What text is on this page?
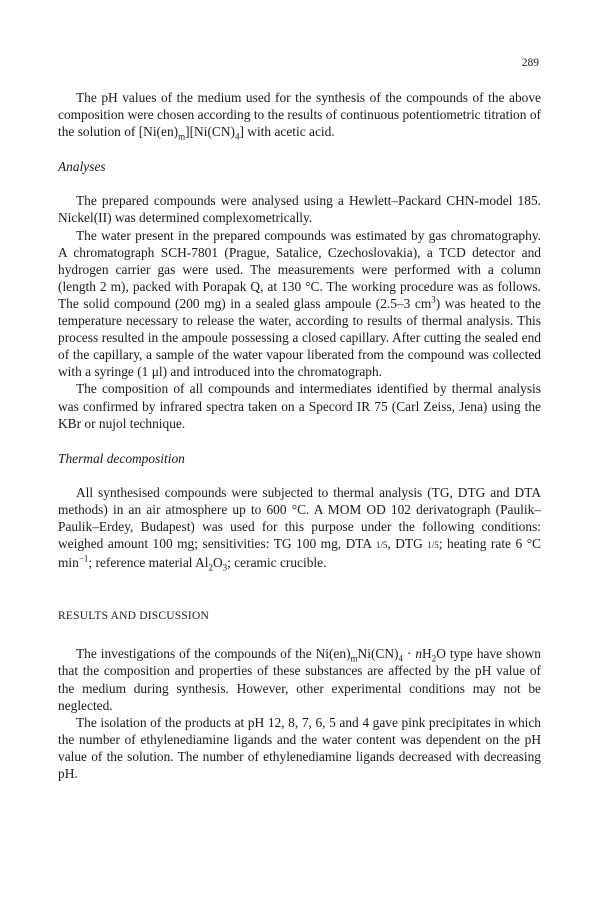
289

The pH values of the medium used for the synthesis of the compounds of the above composition were chosen according to the results of continuous potentiometric titration of the solution of $[Ni(en)_m][Ni(CN)_4]$ with acetic acid.

Analyses

The prepared compounds were analysed using a Hewlett–Packard CHN-model 185. Nickel(II) was determined complexometrically.

The water present in the prepared compounds was estimated by gas chromatography. A chromatograph SCH-7801 (Prague, Satalice, Czechoslovakia), a TCD detector and hydrogen carrier gas were used. The measurements were performed with a column (length 2 m), packed with Porapak Q, at 130 °C. The working procedure was as follows. The solid compound (200 mg) in a sealed glass ampoule (2.5–3 $cm^3$) was heated to the temperature necessary to release the water, according to results of thermal analysis. This process resulted in the ampoule possessing a closed capillary. After cutting the sealed end of the capillary, a sample of the water vapour liberated from the compound was collected with a syringe (1 μl) and introduced into the chromatograph.

The composition of all compounds and intermediates identified by thermal analysis was confirmed by infrared spectra taken on a Specord IR 75 (Carl Zeiss, Jena) using the KBr or nujol technique.

Thermal decomposition

All synthesised compounds were subjected to thermal analysis (TG, DTG and DTA methods) in an air atmosphere up to 600 °C. A MOM OD 102 derivatograph (Paulik–Paulik–Erdey, Budapest) was used for this purpose under the following conditions: weighed amount 100 mg; sensitivities: TG 100 mg, DTA 1/5, DTG 1/5; heating rate 6 °C $\min^{-1}$; reference material $Al_2O_3$; ceramic crucible.

RESULTS AND DISCUSSION

The investigations of the compounds of the $Ni(en)_mNi(CN)_4 \cdot nH_2O$ type have shown that the composition and properties of these substances are affected by the pH value of the medium during synthesis. However, other experimental conditions may not be neglected.

The isolation of the products at pH 12, 8, 7, 6, 5 and 4 gave pink precipitates in which the number of ethylenediamine ligands and the water content was dependent on the pH value of the solution. The number of ethylenediamine ligands decreased with decreasing pH.
